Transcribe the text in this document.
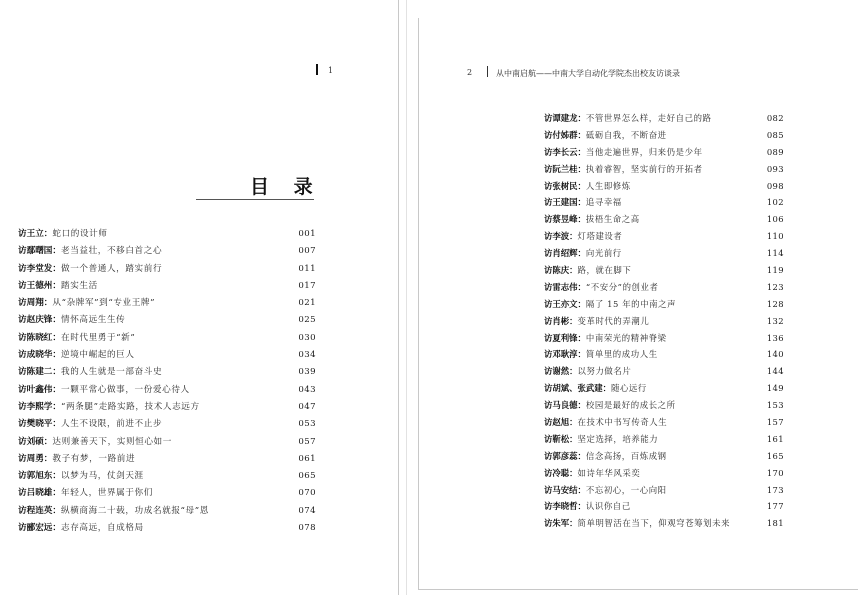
1	2	从中南启航——中南大学自动化学院杰出校友访谈录
目 录
访王立：蛇口的设计师	001
访鄢曙国：老当益壮，不移白首之心	007
访李堂发：做一个普通人，踏实前行	011
访王德州：踏实生活	017
访周翔：从“杂牌军”到“专业王牌”	021
访赵庆锋：情怀高远生生传	025
访陈晓红：在时代里勇于“新”	030
访成晓华：逆境中崛起的巨人	034
访陈建二：我的人生就是一部奋斗史	039
访叶鑫伟：一颗平常心做事，一份爱心待人	043
访李熙学：“两条腿”走路实路，技术人志远方	047
访樊晓平：人生不设限，前进不止步	053
访刘硕：达则兼善天下，实则恒心如一	057
访周勇：教子有梦，一路前进	061
访郭旭东：以梦为马，仗剑天涯	065
访吕晓雄：年轻人，世界属于你们	070
访程连英：纵横商海二十载，功成名就报“母”恩	074
访郦宏远：志存高远，自成格局	078
访谭建龙：不管世界怎么样，走好自己的路	082
访付姊群：砥砺自我，不断奋进	085
访李长云：当他走遍世界，归来仍是少年	089
访阮兰桂：执着睿智，坚实前行的开拓者	093
访张树民：人生即修炼	098
访王建国：追寻幸福	102
访蔡昱峰：拔梧生命之高	106
访李波：灯塔建设者	110
访肖绍辉：向光前行	114
访陈庆：路，就在脚下	119
访雷志伟：“不安分”的创业者	123
访王亦文：隔了 15 年的中南之声	128
访肖彬：变革时代的弄潮儿	132
访夏利锋：中南荣光的精神脊梁	136
访邓耿淳：简单里的成功人生	140
访谢然：以努力做名片	144
访胡斌、张武建：随心远行	149
访马良德：校园是最好的成长之所	153
访赵旭：在技术中书写传奇人生	157
访靳松：坚定选择，培养能力	161
访郭彦蕊：信念高扬，百炼成钢	165
访冷聪：如诗年华风采奕	170
访马安结：不忘初心，一心向阳	173
访李晓哲：认识你自己	177
访朱军：简单明智活在当下，仰观穹苍筹划未来	181
